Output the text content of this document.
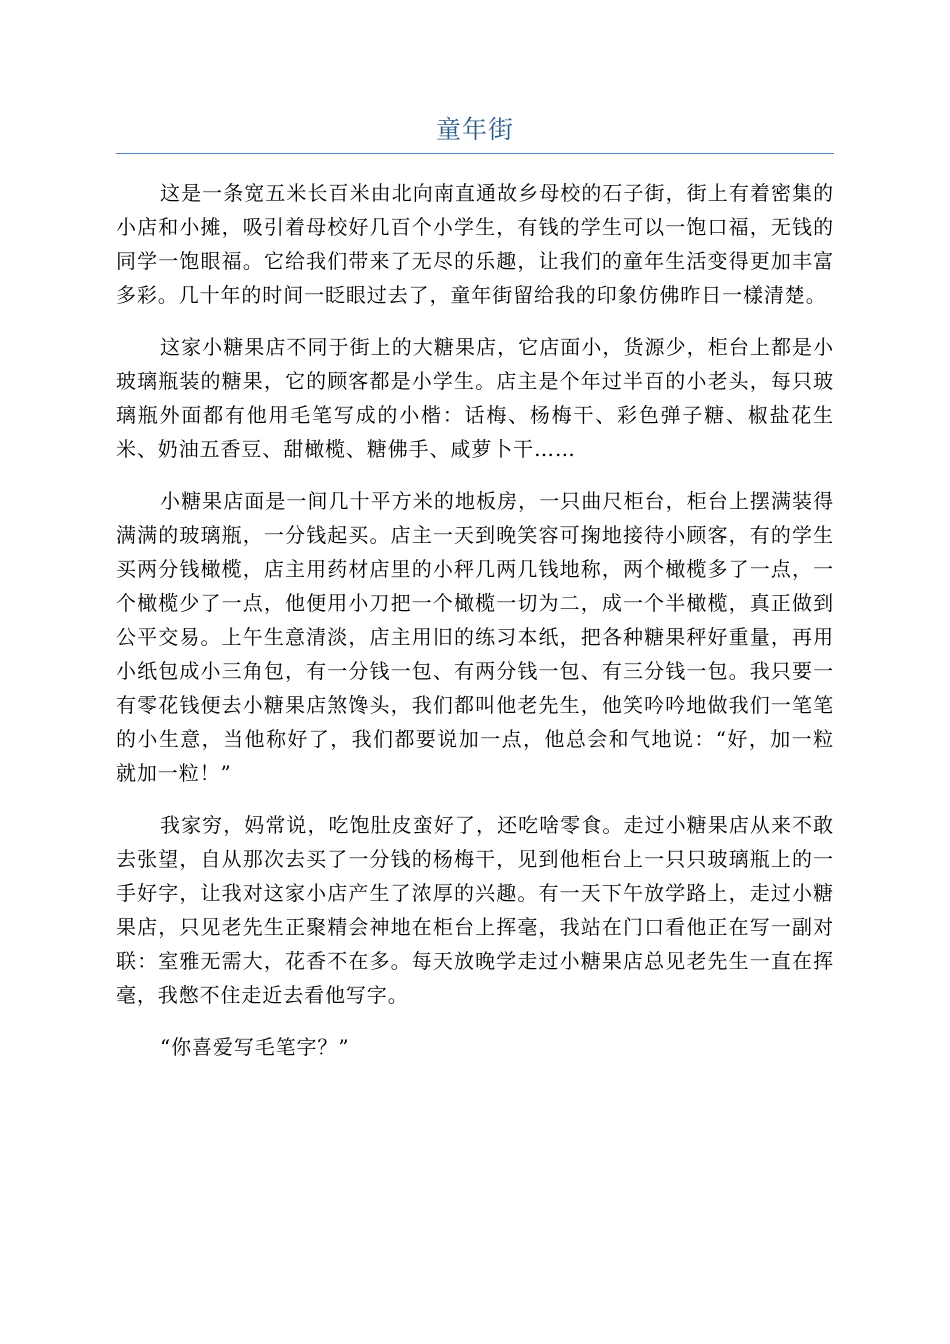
童年街

这是一条宽五米长百米由北向南直通故乡母校的石子街，街上有着密集的小店和小摊，吸引着母校好几百个小学生，有钱的学生可以一饱口福，无钱的同学一饱眼福。它给我们带来了无尽的乐趣，让我们的童年生活变得更加丰富多彩。几十年的时间一眨眼过去了，童年街留给我的印象仿佛昨日一樣清楚。

这家小糖果店不同于街上的大糖果店，它店面小，货源少，柜台上都是小玻璃瓶装的糖果，它的顾客都是小学生。店主是个年过半百的小老头，每只玻璃瓶外面都有他用毛笔写成的小楷：话梅、杨梅干、彩色弹子糖、椒盐花生米、奶油五香豆、甜橄榄、糖佛手、咸萝卜干……

小糖果店面是一间几十平方米的地板房，一只曲尺柜台，柜台上摆满装得满满的玻璃瓶，一分钱起买。店主一天到晚笑容可掬地接待小顾客，有的学生买两分钱橄榄，店主用药材店里的小秤几两几钱地称，两个橄榄多了一点，一个橄榄少了一点，他便用小刀把一个橄榄一切为二，成一个半橄榄，真正做到公平交易。上午生意清淡，店主用旧的练习本纸，把各种糖果秤好重量，再用小纸包成小三角包，有一分钱一包、有两分钱一包、有三分钱一包。我只要一有零花钱便去小糖果店煞馋头，我们都叫他老先生，他笑吟吟地做我们一笔笔的小生意，当他称好了，我们都要说加一点，他总会和气地说：“好，加一粒就加一粒！”

我家穷，妈常说，吃饱肚皮蛮好了，还吃啥零食。走过小糖果店从来不敢去张望，自从那次去买了一分钱的杨梅干，见到他柜台上一只只玻璃瓶上的一手好字，让我对这家小店产生了浓厚的兴趣。有一天下午放学路上，走过小糖果店，只见老先生正聚精会神地在柜台上挥毫，我站在门口看他正在写一副对联：室雅无需大，花香不在多。每天放晚学走过小糖果店总见老先生一直在挥毫，我憋不住走近去看他写字。

“你喜爱写毛笔字？”
